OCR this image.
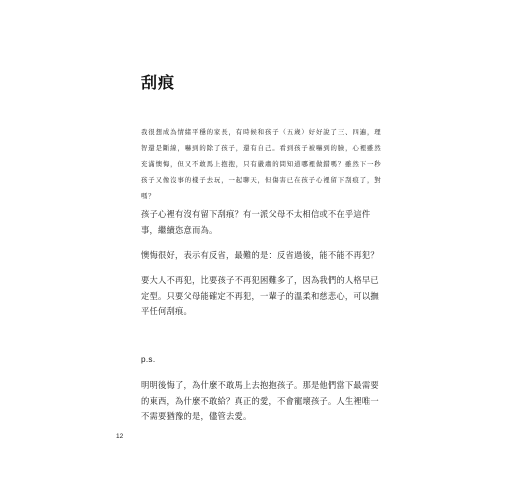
刮痕

我很想成為情緒平穩的家長，有時候和孩子（五歲）好好說了三、四遍，理智還是斷線，嚇到的除了孩子，還有自己。看到孩子被嚇到的臉，心裡雖然充滿懊悔，但又不敢馬上抱抱，只有嚴肅的問知道哪裡做錯嗎？雖然下一秒孩子又像沒事的樣子去玩，一起聊天，但傷害已在孩子心裡留下刮痕了，對嗎？

孩子心裡有沒有留下刮痕？有一派父母不太相信或不在乎這件事，繼續恣意而為。

懊悔很好，表示有反省，最難的是：反省過後，能不能不再犯？

要大人不再犯，比要孩子不再犯困難多了，因為我們的人格早已定型。只要父母能確定不再犯，一輩子的溫柔和慈悲心，可以撫平任何刮痕。

p.s.

明明後悔了，為什麼不敢馬上去抱抱孩子。那是他們當下最需要的東西，為什麼不敢給？真正的愛，不會寵壞孩子。人生裡唯一不需要猶豫的是，儘管去愛。

12
